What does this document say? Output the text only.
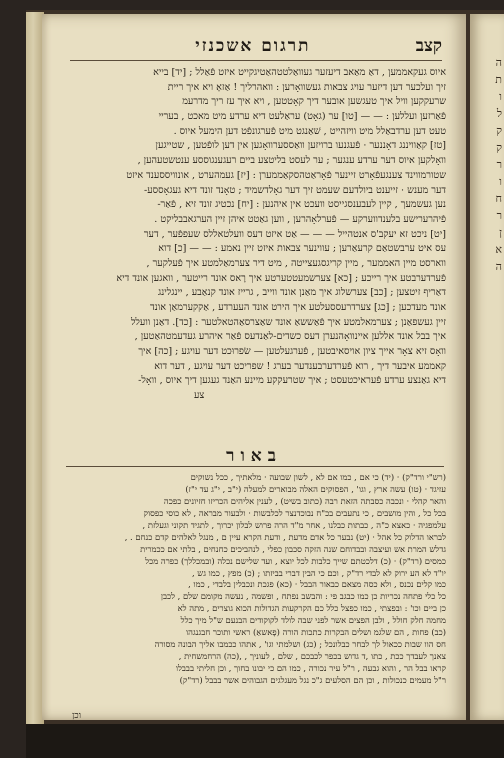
קצב
תרגום אשכנזי
איוס געקאממען , דאַ מאַאב דיעזער געוואַלטטהאַטיגקייט איזט פֿאַלל ; [יד] בייא
זיך ועלכער דען דיזער עויג צבאות געשוואָרען : וואהרליך ! אַזאָ ויא איך ריית
שרעקקען וויל איך טעגשען אובער דיך קאָטטען , ויא איך עז ריך מדרעמ
פֿאַרזען ועללען : — — [טו] ער (גאָט) עראַלעט דיא ערדע מיט מאכט , בעריי
טעט דען ערדבאַלל מיט וויזהייט , שׁאַנגט מיט פֿערגונפֿט דען הימעל איוס .
[טז] קאַוויננג דאָננער · פֿעגנעו ברויזען וואַססערוואָגען אין דען לופֿטען , שטייגען
וואָלקען איוס דער ערדע ענגער ; ער לעסט בליטצע ביים רעגענגוססע ענטשטעהען ,
שטורמווינד צענגעפֿאָרט זיינער פֿאָראַטהסקאַממערן : [יז] געמהערט , אונוויססענד איזט
דער מענש · זייענט ביולדעם שעמט זיך דער גאָלדשמיד ; טאָנד זונד דיא געגאָססע-
נען געשמעך , קיין לעבענסגייסט וועכט אין איהנען : [יח] נכטיג זונד זיא , פֿאַר-
פֿיהרערישע בלענדווערקע — פֿערלאָהרען , ווען גאַטט איהן זיין הערגאבבליקט .
[יט] ניכט זא יעקב'ס אנטהייל — — — אַט איזט דעס וועלטאללס שעפפֿער , דער
עס איט ערבשטאַם קרעאַרען ; עווינער צבאות איזט זיין נאמע : — — [כ] דוא
ווארסט מיין האממער , מיין קריגסגעצייטה , מיט דיר צערמאַלמטע איך פֿעלקער ,
פֿערדערבטע איך רייכע ; [כא] צערשמעטטערטע איך רָאס אונד רייטער , וואגען אונד דיא
דאַריף זיטצען ; [כב] צערשלוג איך מאַנן אונד ווייב , גרייז אונד קנאַבע , יינגלינג
אונד מעדכען ; [כג] צערדרעססעלטע איך הירט אונד העערדע , אַקקערמאַן אונד
זיין געשפאַנן ; צערמאלמטע איך פֿאַששאַ אונד שאַצרסאַהטאלטער : [כד]. דאַנן וועלל
איך בבל אונד אללען איינוואָהנערן דעס כשדים-לאַנדעס פֿאַר איהרע געדעמטהאַטען ,
וואָס זיא צאָר אייך ציון אויסאיבטען , פֿערגעלטען — שׂפרוּכט דער עויגע ; [כה] איך
קאממע איבער דיך , רוא פֿערדערבענדער בערג ! שפריכט דער עויגע , דער דוא
דיא גאַנצע ערדע פֿעראיכטעסט ; איך שטרעקקע מיינע האַנד געגען דיך איוס , וואָל-
צע
באור
(רש"י ורד"ק) · (יד) כי אם , כמו אם לא , לשון שבועה · מלאתיך , ככל נשוקים
עזיגד · (טו) עשה ארץ , וגו' , הפסוקים האלה מבוארים למעלה (י"ב , י"ג עד י"ז)
והאר קהלי · ונכבה כסבתה הזאת רבה (כתוב בשיט) , לענין אליהים הכריזו חזיונים כפכה
בכל כל , והין מושבים , כי נתעבים בכ"ח נבוכדנצר לכלבשות · ולבעור מבראה , לא כוסי כפסוק
עלמפגיה · כאצא כ"ה , כבתות כבלנו , אחר מ"ד הרה פרוש לבלון יכרוך , לתגיד תקוני וגעלזת ,
לבראו הדלוק כל אהל · (יט) נבער כל אדם מדעת , ודעת הקרא עיין ם , מנגל לאלהים קדם כנחם . ,
גדלש המרת אש ועיצבה ובבדוחם שנה הזקה סכבון כפלי , לנהביכים כחנחים , בלתי אם ככמרית
כמסים (רד"ק) · (כ) דלכטתם שייך כלבות לכל יוצא , ועד שלישם נכלה (ובמכללך) כפרה מכל
יו"ד לא הע ירוק לא לבדי רד"ק , וכם כי הבין דברי בביזתו ; (כ) מפץ , כמו גש ,
כמו קלים נכנס , ולא כסה מצאם כבאור הבבל · (כא) פגכת ונכבלין בלבדי , כמו ,
כל כלי פתחה נכריות כן כמו כבגב פי : והבשב נפתח , ופשמה , נעשה מקומם שלם , לכבן
כן ביים וכו' : ובפצתי , כמו כפצל כלל כם הקרקעות הגדולות הכוא גוצרים , מתה לא
מחמה חלק חולל , ולבן הפצים אשר לפני שבה לולד לקוקודים הבנעם ש"ל מיך כלל
(כב) פחות , הם שלגמ ושלים הבקרות כתכות הורה (פָאשאַ) ראשי ותוכר חבגנגהו
חס הוו שבות ככאול לך לבחר כבלונכל ; (כג) ושלמתי וגו' , אתהו ככמבו אליך הבונה מסורה
צאנך לעבדך ככת , כתו ,ד גדוש בכפר לכבכם , שלם , לעוניך , ,(כה) הרחמשחית ,
קראו בבל הר , והוא גבעה , ר"ל עיר נכורה , כמו הם כי יבונו בחוך , וכן חליתי בבבלו
ר"ל מעמים כנכולות , וכן הם הסלעים ג"כ נגל מעגלגים הגבוהים אשר בבבל (רד"ק)
וכן
ה
ת
ו
ל
ק
ק
ר
ו
ח
ר
ן
א
ה
